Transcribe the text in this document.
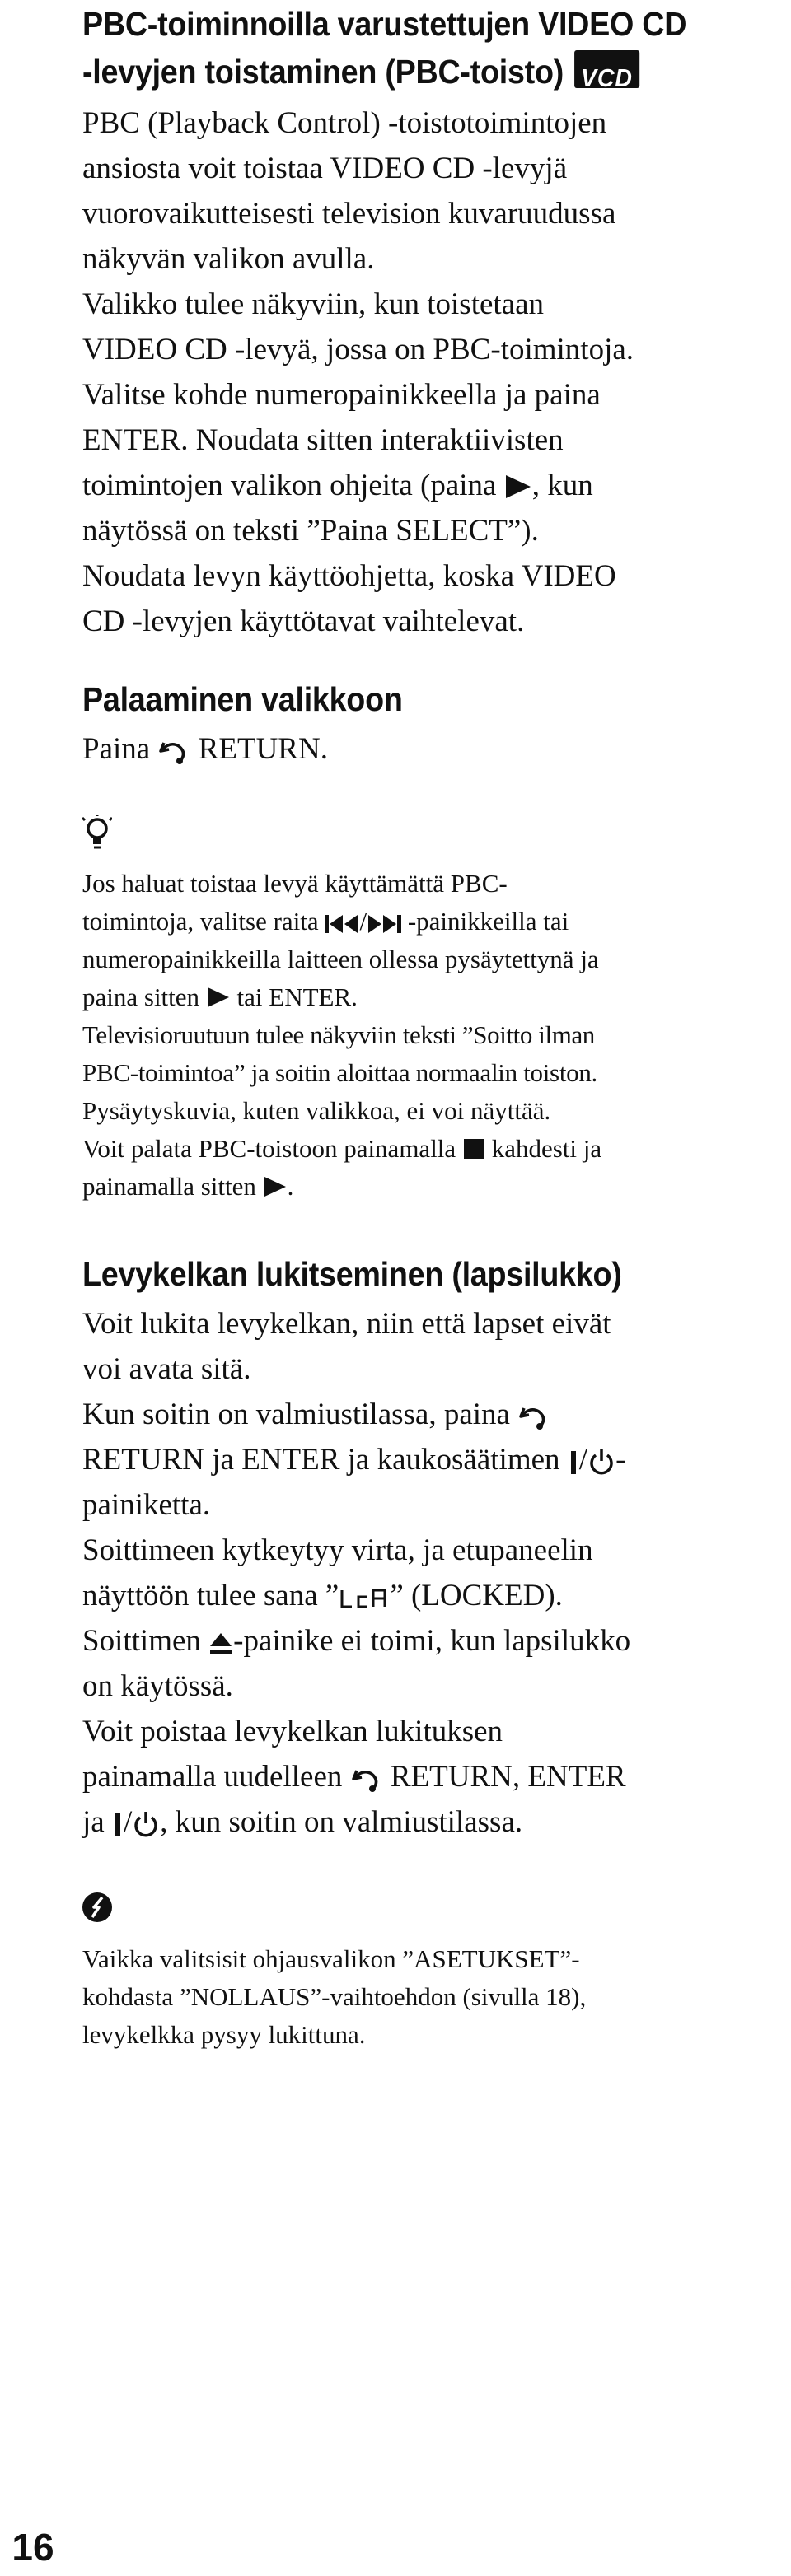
PBC-toiminnoilla varustettujen VIDEO CD
-levyjen toistaminen (PBC-toisto) VCD
PBC (Playback Control) -toistotoimintojen
ansiosta voit toistaa VIDEO CD -levyjä
vuorovaikutteisesti television kuvaruudussa
näkyvän valikon avulla.
Valikko tulee näkyviin, kun toistetaan
VIDEO CD -levyä, jossa on PBC-toimintoja.
Valitse kohde numeropainikkeella ja paina
ENTER. Noudata sitten interaktiivisten
toimintojen valikon ohjeita (paina , kun
näytössä on teksti ”Paina SELECT”).
Noudata levyn käyttöohjetta, koska VIDEO
CD -levyjen käyttötavat vaihtelevat.
Palaaminen valikkoon
Paina RETURN.
Jos haluat toistaa levyä käyttämättä PBC-
toimintoja, valitse raita / -painikkeilla tai
numeropainikkeilla laitteen ollessa pysäytettynä ja
paina sitten tai ENTER.
Televisioruutuun tulee näkyviin teksti ”Soitto ilman
PBC-toimintoa” ja soitin aloittaa normaalin toiston.
Pysäytyskuvia, kuten valikkoa, ei voi näyttää.
Voit palata PBC-toistoon painamalla kahdesti ja
painamalla sitten .
Levykelkan lukitseminen (lapsilukko)
Voit lukita levykelkan, niin että lapset eivät
voi avata sitä.
Kun soitin on valmiustilassa, paina
RETURN ja ENTER ja kaukosäätimen / -
painiketta.
Soittimeen kytkeytyy virta, ja etupaneelin
näyttöön tulee sana ” ” (LOCKED).
Soittimen -painike ei toimi, kun lapsilukko
on käytössä.
Voit poistaa levykelkan lukituksen
painamalla uudelleen RETURN, ENTER
ja / , kun soitin on valmiustilassa.
Vaikka valitsisit ohjausvalikon ”ASETUKSET”-
kohdasta ”NOLLAUS”-vaihtoehdon (sivulla 18),
levykelkka pysyy lukittuna.
16
